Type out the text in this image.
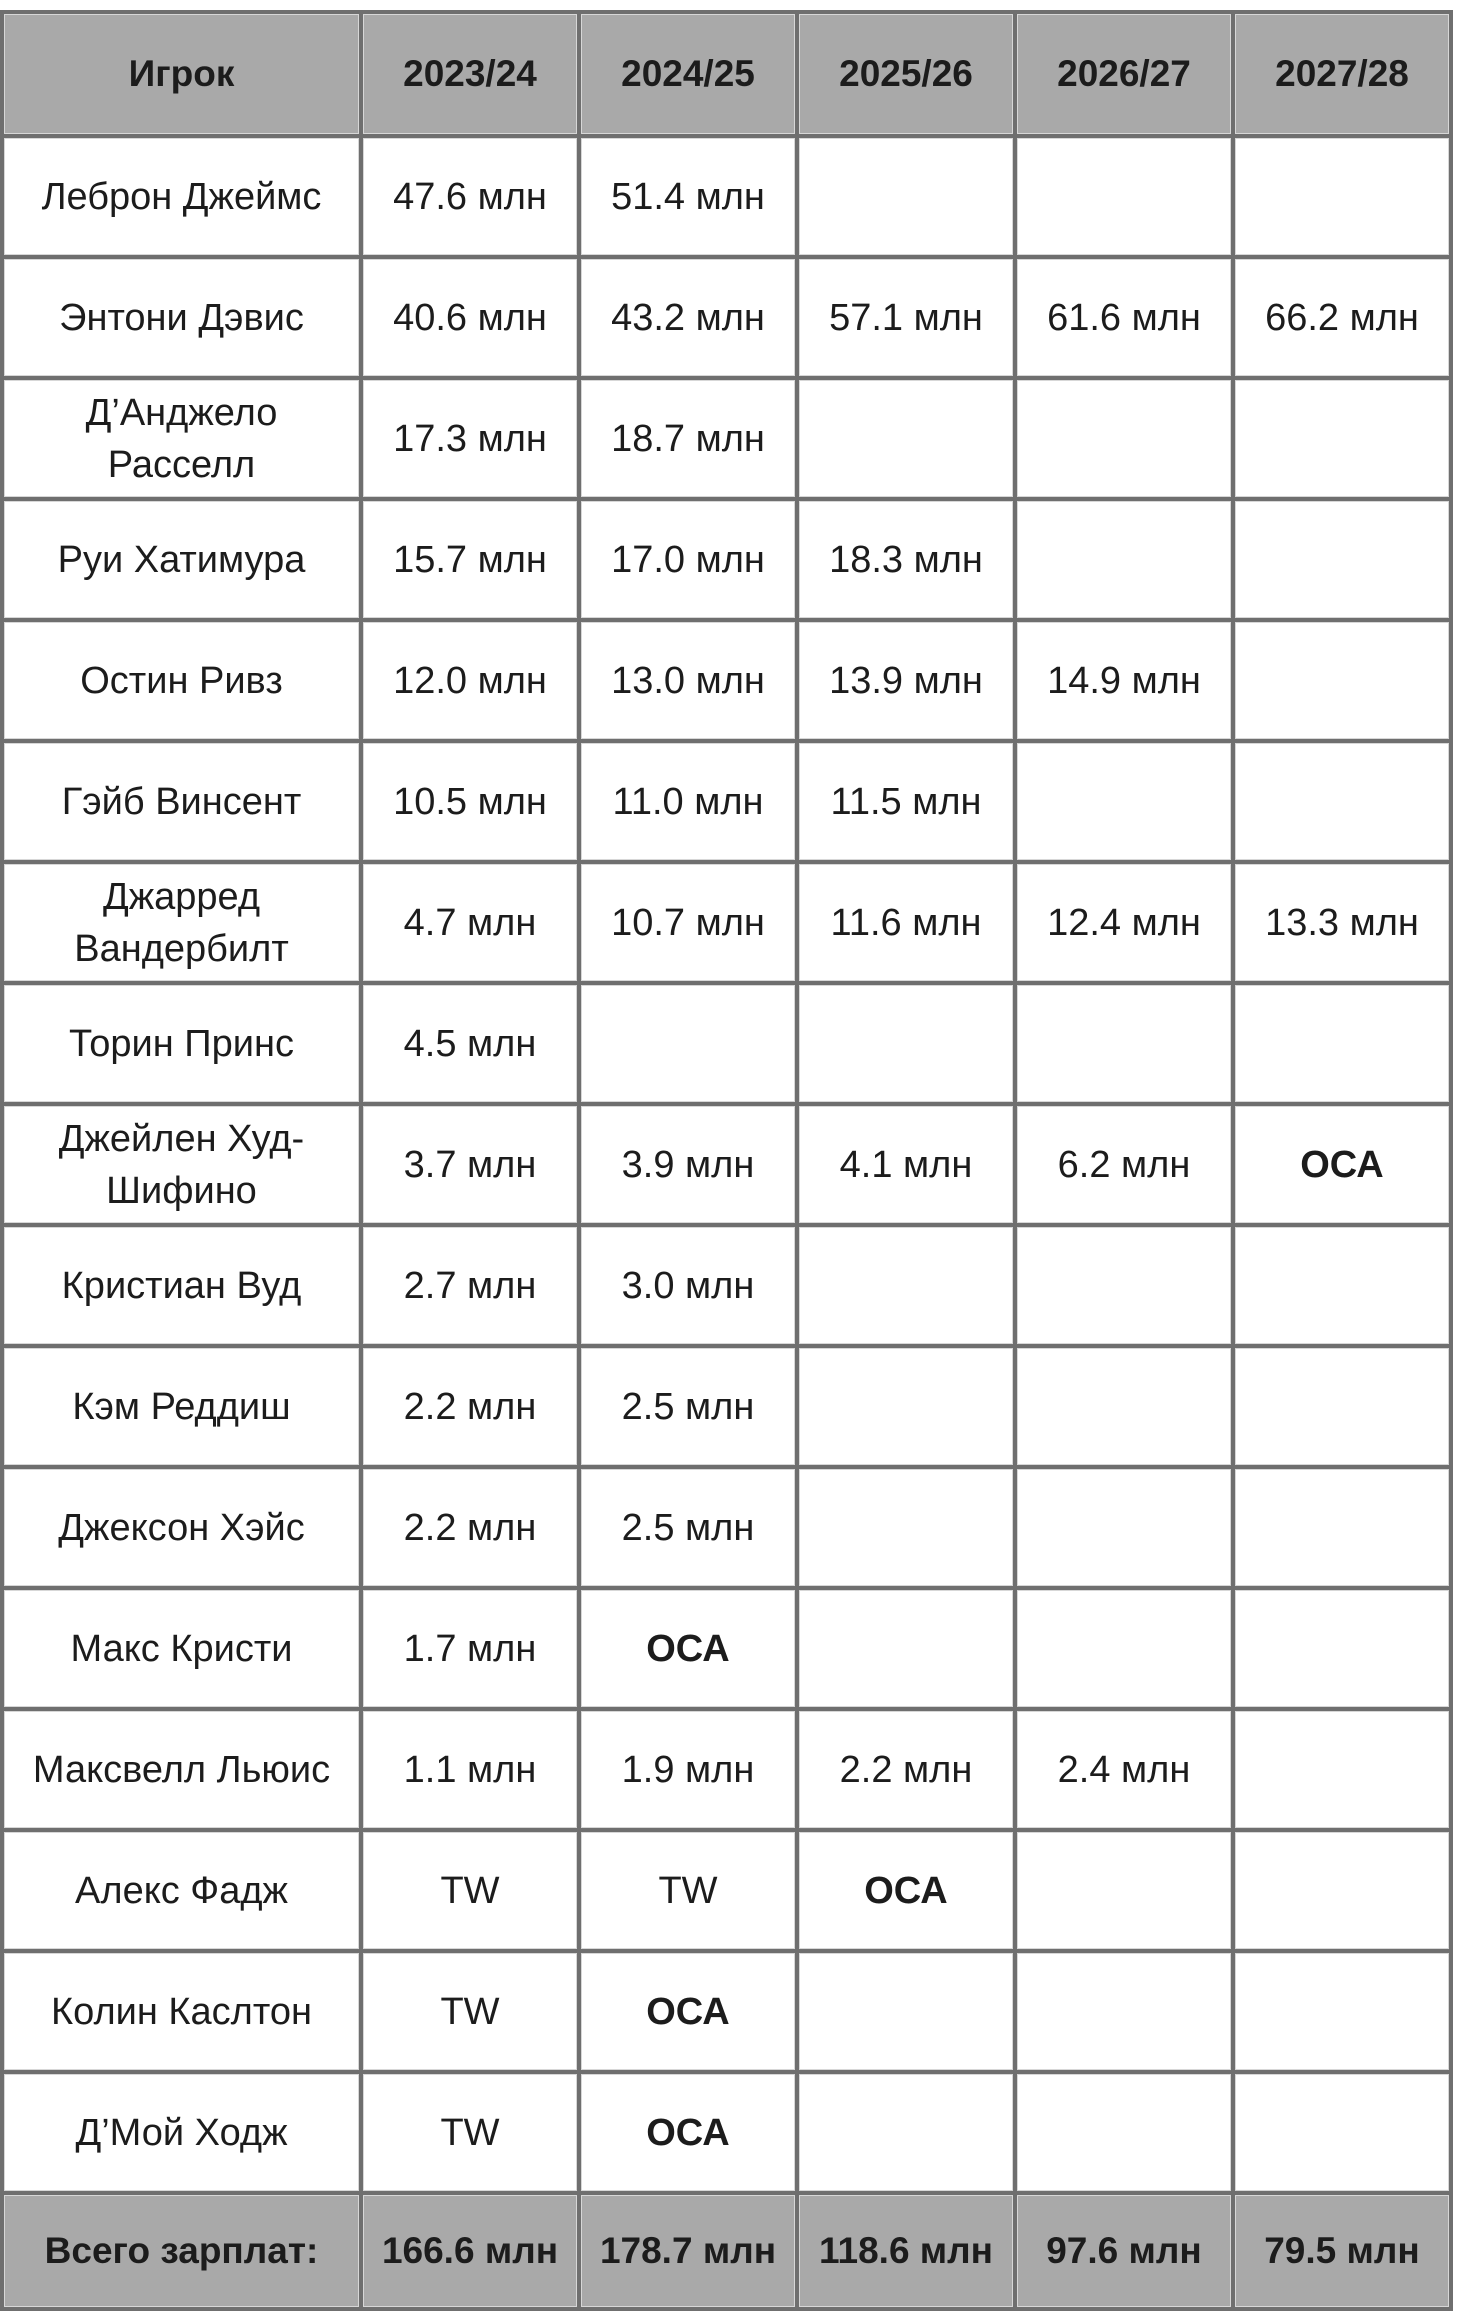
Игрок	2023/24	2024/25	2025/26	2026/27	2027/28
Леброн Джеймс	47.6 млн	51.4 млн			
Энтони Дэвис	40.6 млн	43.2 млн	57.1 млн	61.6 млн	66.2 млн
Д’Анджело Расселл	17.3 млн	18.7 млн			
Руи Хатимура	15.7 млн	17.0 млн	18.3 млн		
Остин Ривз	12.0 млн	13.0 млн	13.9 млн	14.9 млн	
Гэйб Винсент	10.5 млн	11.0 млн	11.5 млн		
Джарред Вандербилт	4.7 млн	10.7 млн	11.6 млн	12.4 млн	13.3 млн
Торин Принс	4.5 млн				
Джейлен Худ-Шифино	3.7 млн	3.9 млн	4.1 млн	6.2 млн	ОСА
Кристиан Вуд	2.7 млн	3.0 млн			
Кэм Реддиш	2.2 млн	2.5 млн			
Джексон Хэйс	2.2 млн	2.5 млн			
Макс Кристи	1.7 млн	ОСА			
Максвелл Льюис	1.1 млн	1.9 млн	2.2 млн	2.4 млн	
Алекс Фадж	TW	TW	ОСА		
Колин Каслтон	TW	ОСА			
Д’Мой Ходж	TW	ОСА			
Всего зарплат:	166.6 млн	178.7 млн	118.6 млн	97.6 млн	79.5 млн
